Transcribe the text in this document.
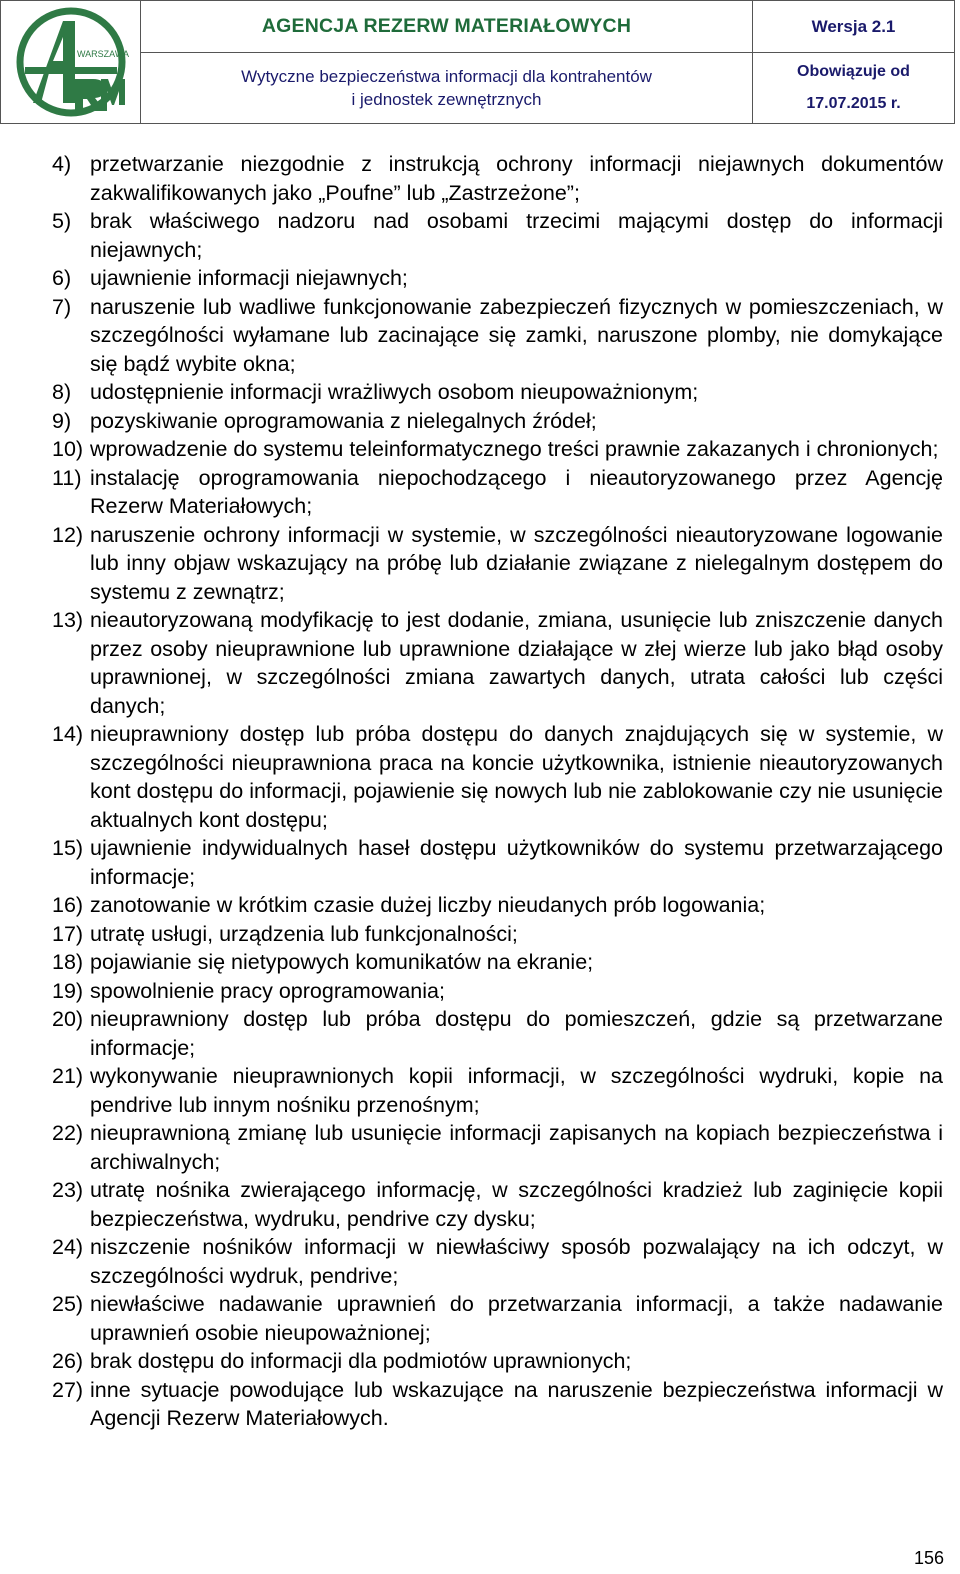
WARSZAWA
AGENCJA REZERW MATERIAŁOWYCH
Wytyczne bezpieczeństwa informacji dla kontrahentów
i jednostek zewnętrznych
Wersja 2.1
Obowiązuje od
17.07.2015 r.
4) przetwarzanie niezgodnie z instrukcją ochrony informacji niejawnych dokumentów zakwalifikowanych jako „Poufne” lub „Zastrzeżone”;
5) brak właściwego nadzoru nad osobami trzecimi mającymi dostęp do informacji niejawnych;
6) ujawnienie informacji niejawnych;
7) naruszenie lub wadliwe funkcjonowanie zabezpieczeń fizycznych w pomieszczeniach, w szczególności wyłamane lub zacinające się zamki, naruszone plomby, nie domykające się bądź wybite okna;
8) udostępnienie informacji wrażliwych osobom nieupoważnionym;
9) pozyskiwanie oprogramowania z nielegalnych źródeł;
10) wprowadzenie do systemu teleinformatycznego treści prawnie zakazanych i chronionych;
11) instalację oprogramowania niepochodzącego i nieautoryzowanego przez Agencję Rezerw Materiałowych;
12) naruszenie ochrony informacji w systemie, w szczególności nieautoryzowane logowanie lub inny objaw wskazujący na próbę lub działanie związane z nielegalnym dostępem do systemu z zewnątrz;
13) nieautoryzowaną modyfikację to jest dodanie, zmiana, usunięcie lub zniszczenie danych przez osoby nieuprawnione lub uprawnione działające w złej wierze lub jako błąd osoby uprawnionej, w szczególności zmiana zawartych danych, utrata całości lub części danych;
14) nieuprawniony dostęp lub próba dostępu do danych znajdujących się w systemie, w szczególności nieuprawniona praca na koncie użytkownika, istnienie nieautoryzowanych kont dostępu do informacji, pojawienie się nowych lub nie zablokowanie czy nie usunięcie aktualnych kont dostępu;
15) ujawnienie indywidualnych haseł dostępu użytkowników do systemu przetwarzającego informacje;
16) zanotowanie w krótkim czasie dużej liczby nieudanych prób logowania;
17) utratę usługi, urządzenia lub funkcjonalności;
18) pojawianie się nietypowych komunikatów na ekranie;
19) spowolnienie pracy oprogramowania;
20) nieuprawniony dostęp lub próba dostępu do pomieszczeń, gdzie są przetwarzane informacje;
21) wykonywanie nieuprawnionych kopii informacji, w szczególności wydruki, kopie na pendrive lub innym nośniku przenośnym;
22) nieuprawnioną zmianę lub usunięcie informacji zapisanych na kopiach bezpieczeństwa i archiwalnych;
23) utratę nośnika zwierającego informację, w szczególności kradzież lub zaginięcie kopii bezpieczeństwa, wydruku, pendrive czy dysku;
24) niszczenie nośników informacji w niewłaściwy sposób pozwalający na ich odczyt, w szczególności wydruk, pendrive;
25) niewłaściwe nadawanie uprawnień do przetwarzania informacji, a także nadawanie uprawnień osobie nieupoważnionej;
26) brak dostępu do informacji dla podmiotów uprawnionych;
27) inne sytuacje powodujące lub wskazujące na naruszenie bezpieczeństwa informacji w Agencji Rezerw Materiałowych.
156
